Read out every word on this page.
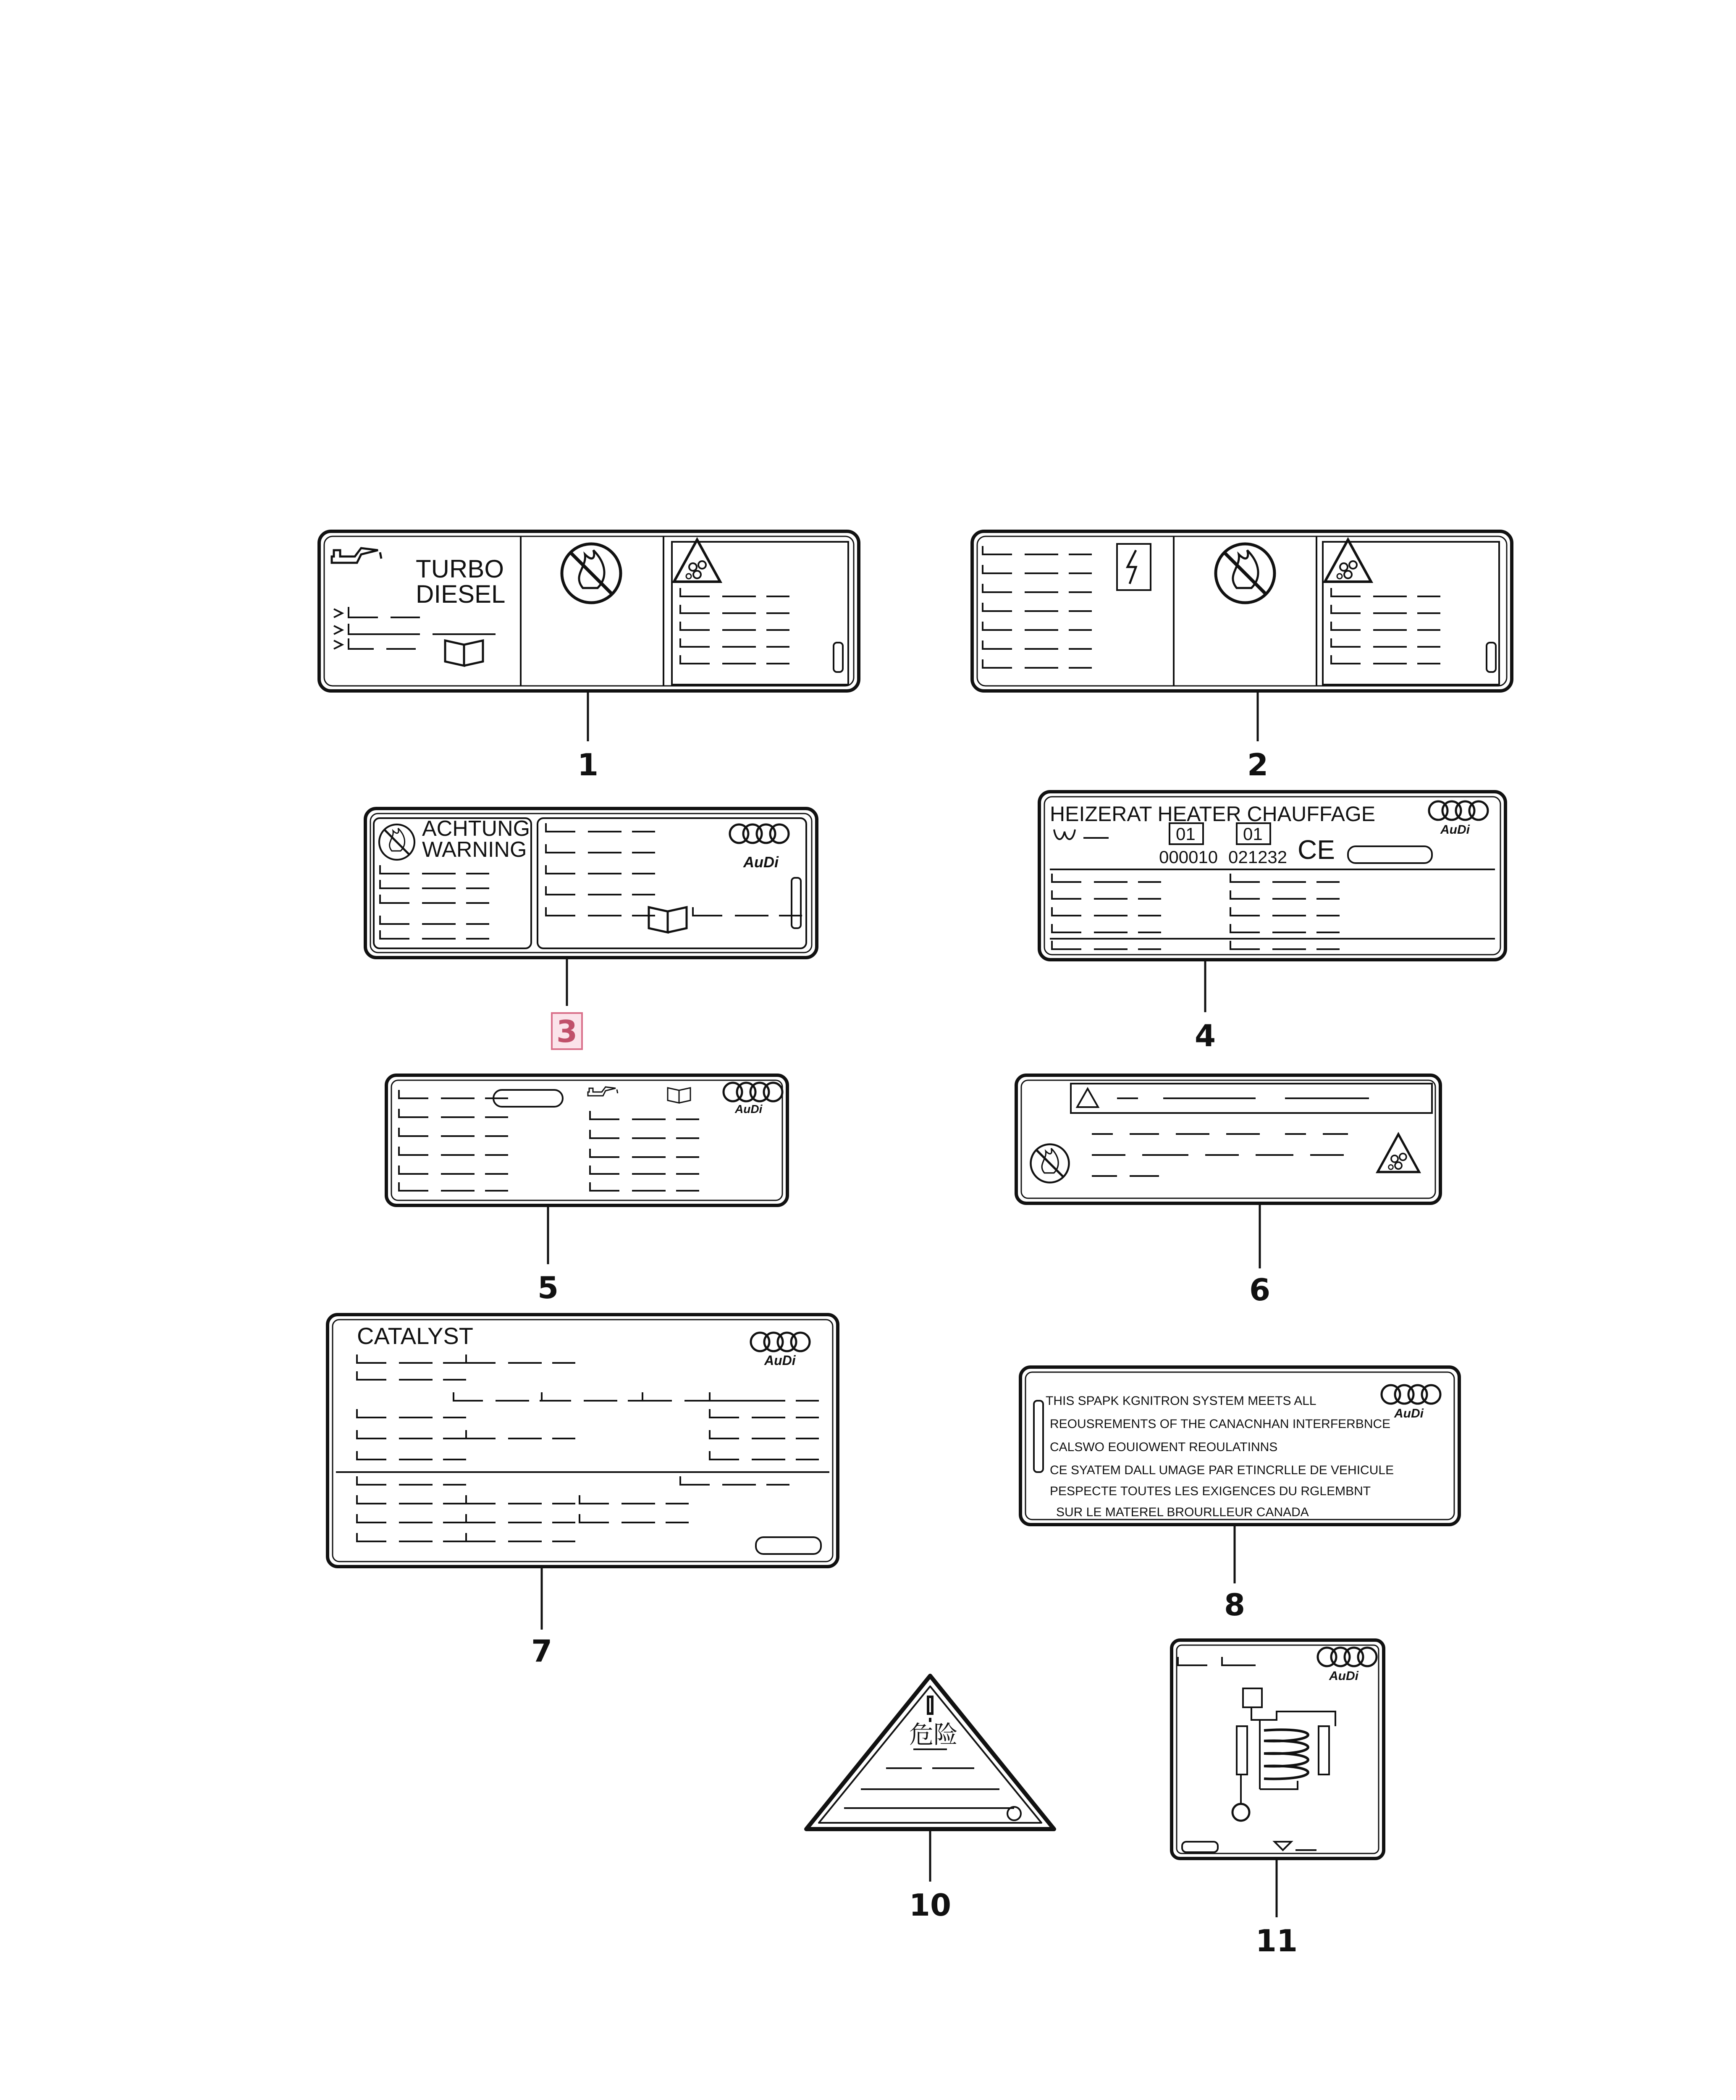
TURBO
DIESEL
ACHTUNG
WARNING
AuDi
HEIZERAT HEATER CHAUFFAGE
AuDi
01	01
000010 021232 CE
AuDi
CATALYST
AuDi
AuDi
THIS SPAPK KGNITRON SYSTEM MEETS ALL
REOUSREMENTS OF THE CANACNHAN INTERFERBNCE
CALSWO EOUIOWENT REOULATINNS
CE SYATEM DALL UMAGE PAR ETINCRLLE DE VEHICULE
PESPECTE TOUTES LES EXIGENCES DU RGLEMBNT
SUR LE MATEREL BROURLLEUR CANADA
危险
AuDi
1	2
3	4
5	6
7
8
10
11
